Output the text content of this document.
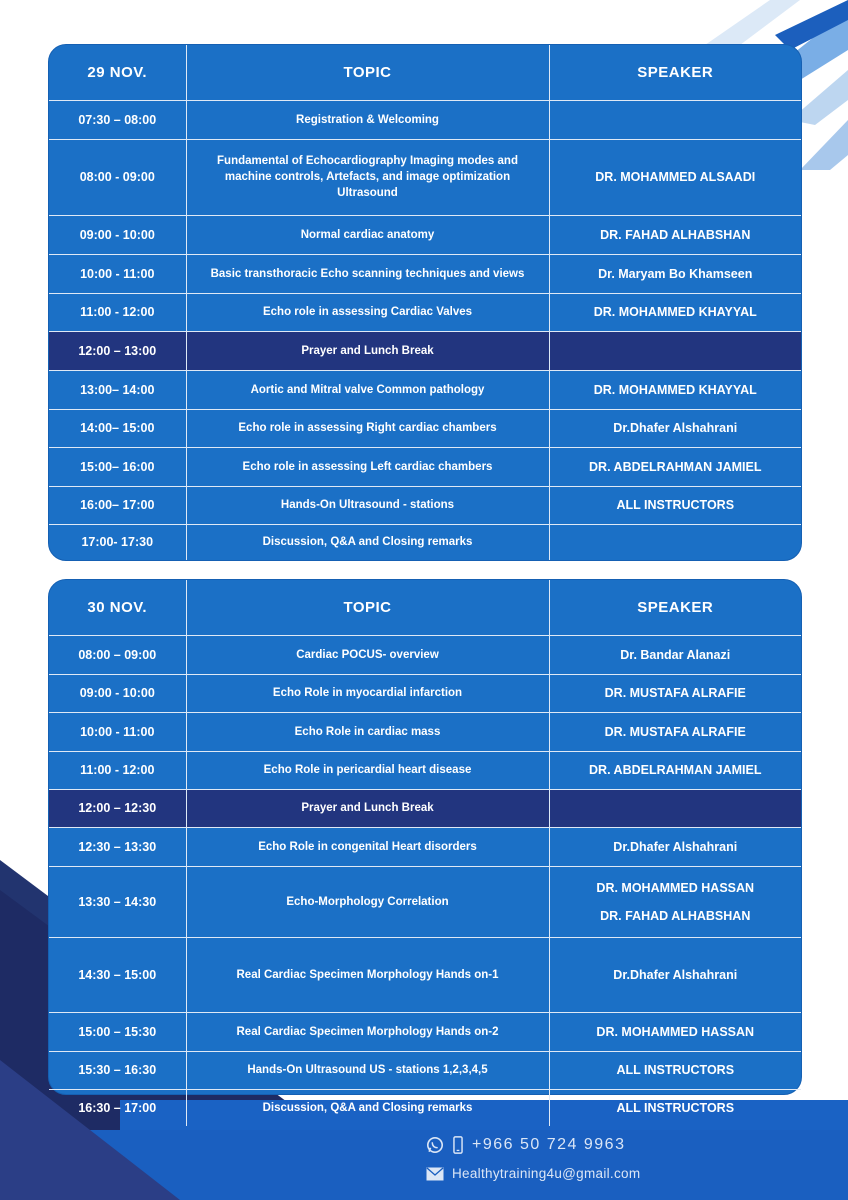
29 NOV.	TOPIC	SPEAKER
07:30 – 08:00	Registration & Welcoming	
08:00 - 09:00	Fundamental of Echocardiography Imaging modes and machine controls, Artefacts, and image optimization Ultrasound	DR. MOHAMMED ALSAADI
09:00 - 10:00	Normal cardiac anatomy	DR. FAHAD ALHABSHAN
10:00 - 11:00	Basic transthoracic Echo scanning techniques and views	Dr. Maryam Bo Khamseen
11:00 - 12:00	Echo role in assessing Cardiac Valves	DR. MOHAMMED KHAYYAL
12:00 – 13:00	Prayer and Lunch Break	
13:00– 14:00	Aortic and Mitral valve Common pathology	DR. MOHAMMED KHAYYAL
14:00– 15:00	Echo role in assessing Right cardiac chambers	Dr.Dhafer Alshahrani
15:00– 16:00	Echo role in assessing Left cardiac chambers	DR. ABDELRAHMAN JAMIEL
16:00– 17:00	Hands-On Ultrasound - stations	ALL INSTRUCTORS
17:00- 17:30	Discussion, Q&A and Closing remarks	
30 NOV.	TOPIC	SPEAKER
08:00 – 09:00	Cardiac POCUS- overview	Dr. Bandar Alanazi
09:00 - 10:00	Echo Role in myocardial infarction	DR. MUSTAFA ALRAFIE
10:00 - 11:00	Echo Role in cardiac mass	DR. MUSTAFA ALRAFIE
11:00 - 12:00	Echo Role in pericardial heart disease	DR. ABDELRAHMAN JAMIEL
12:00 – 12:30	Prayer and Lunch Break	
12:30 – 13:30	Echo Role in congenital Heart disorders	Dr.Dhafer Alshahrani
13:30 – 14:30	Echo-Morphology Correlation	DR. MOHAMMED HASSAN
DR. FAHAD ALHABSHAN

14:30 – 15:00	Real Cardiac Specimen Morphology Hands on-1	Dr.Dhafer Alshahrani
15:00 – 15:30	Real Cardiac Specimen Morphology Hands on-2	DR. MOHAMMED HASSAN
15:30 – 16:30	Hands-On Ultrasound US - stations 1,2,3,4,5	ALL INSTRUCTORS
16:30 – 17:00	Discussion, Q&A and Closing remarks	ALL INSTRUCTORS
+966 50 724 9963
Healthytraining4u@gmail.com
